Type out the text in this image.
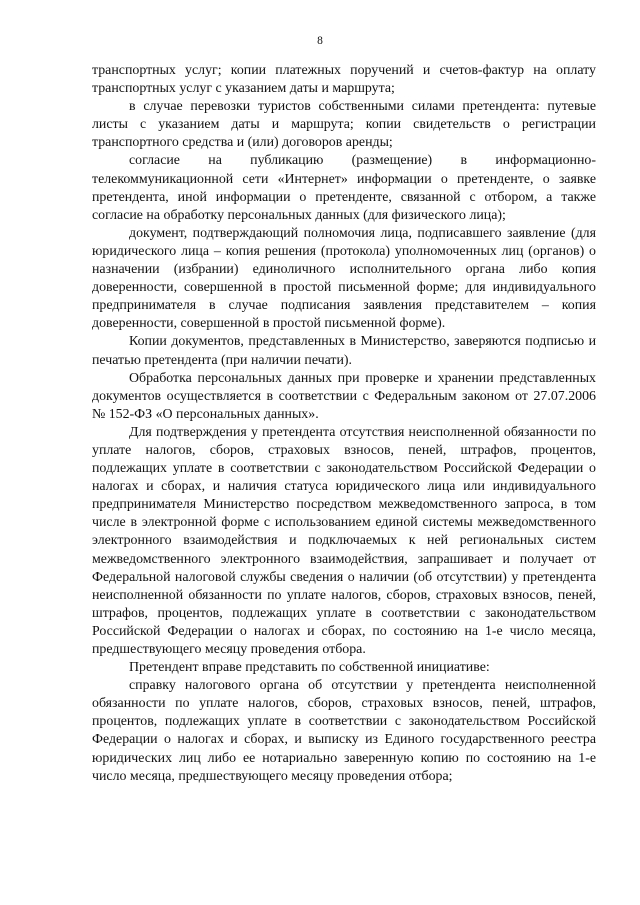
8

транспортных услуг; копии платежных поручений и счетов-фактур на оплату транспортных услуг с указанием даты и маршрута;

в случае перевозки туристов собственными силами претендента: путевые листы с указанием даты и маршрута; копии свидетельств о регистрации транспортного средства и (или) договоров аренды;

согласие на публикацию (размещение) в информационно-телекоммуникационной сети «Интернет» информации о претенденте, о заявке претендента, иной информации о претенденте, связанной с отбором, а также согласие на обработку персональных данных (для физического лица);

документ, подтверждающий полномочия лица, подписавшего заявление (для юридического лица – копия решения (протокола) уполномоченных лиц (органов) о назначении (избрании) единоличного исполнительного органа либо копия доверенности, совершенной в простой письменной форме; для индивидуального предпринимателя в случае подписания заявления представителем – копия доверенности, совершенной в простой письменной форме).

Копии документов, представленных в Министерство, заверяются подписью и печатью претендента (при наличии печати).

Обработка персональных данных при проверке и хранении представленных документов осуществляется в соответствии с Федеральным законом от 27.07.2006 № 152-ФЗ «О персональных данных».

Для подтверждения у претендента отсутствия неисполненной обязанности по уплате налогов, сборов, страховых взносов, пеней, штрафов, процентов, подлежащих уплате в соответствии с законодательством Российской Федерации о налогах и сборах, и наличия статуса юридического лица или индивидуального предпринимателя Министерство посредством межведомственного запроса, в том числе в электронной форме с использованием единой системы межведомственного электронного взаимодействия и подключаемых к ней региональных систем межведомственного электронного взаимодействия, запрашивает и получает от Федеральной налоговой службы сведения о наличии (об отсутствии) у претендента неисполненной обязанности по уплате налогов, сборов, страховых взносов, пеней, штрафов, процентов, подлежащих уплате в соответствии с законодательством Российской Федерации о налогах и сборах, по состоянию на 1-е число месяца, предшествующего месяцу проведения отбора.

Претендент вправе представить по собственной инициативе:

справку налогового органа об отсутствии у претендента неисполненной обязанности по уплате налогов, сборов, страховых взносов, пеней, штрафов, процентов, подлежащих уплате в соответствии с законодательством Российской Федерации о налогах и сборах, и выписку из Единого государственного реестра юридических лиц либо ее нотариально заверенную копию по состоянию на 1-е число месяца, предшествующего месяцу проведения отбора;
